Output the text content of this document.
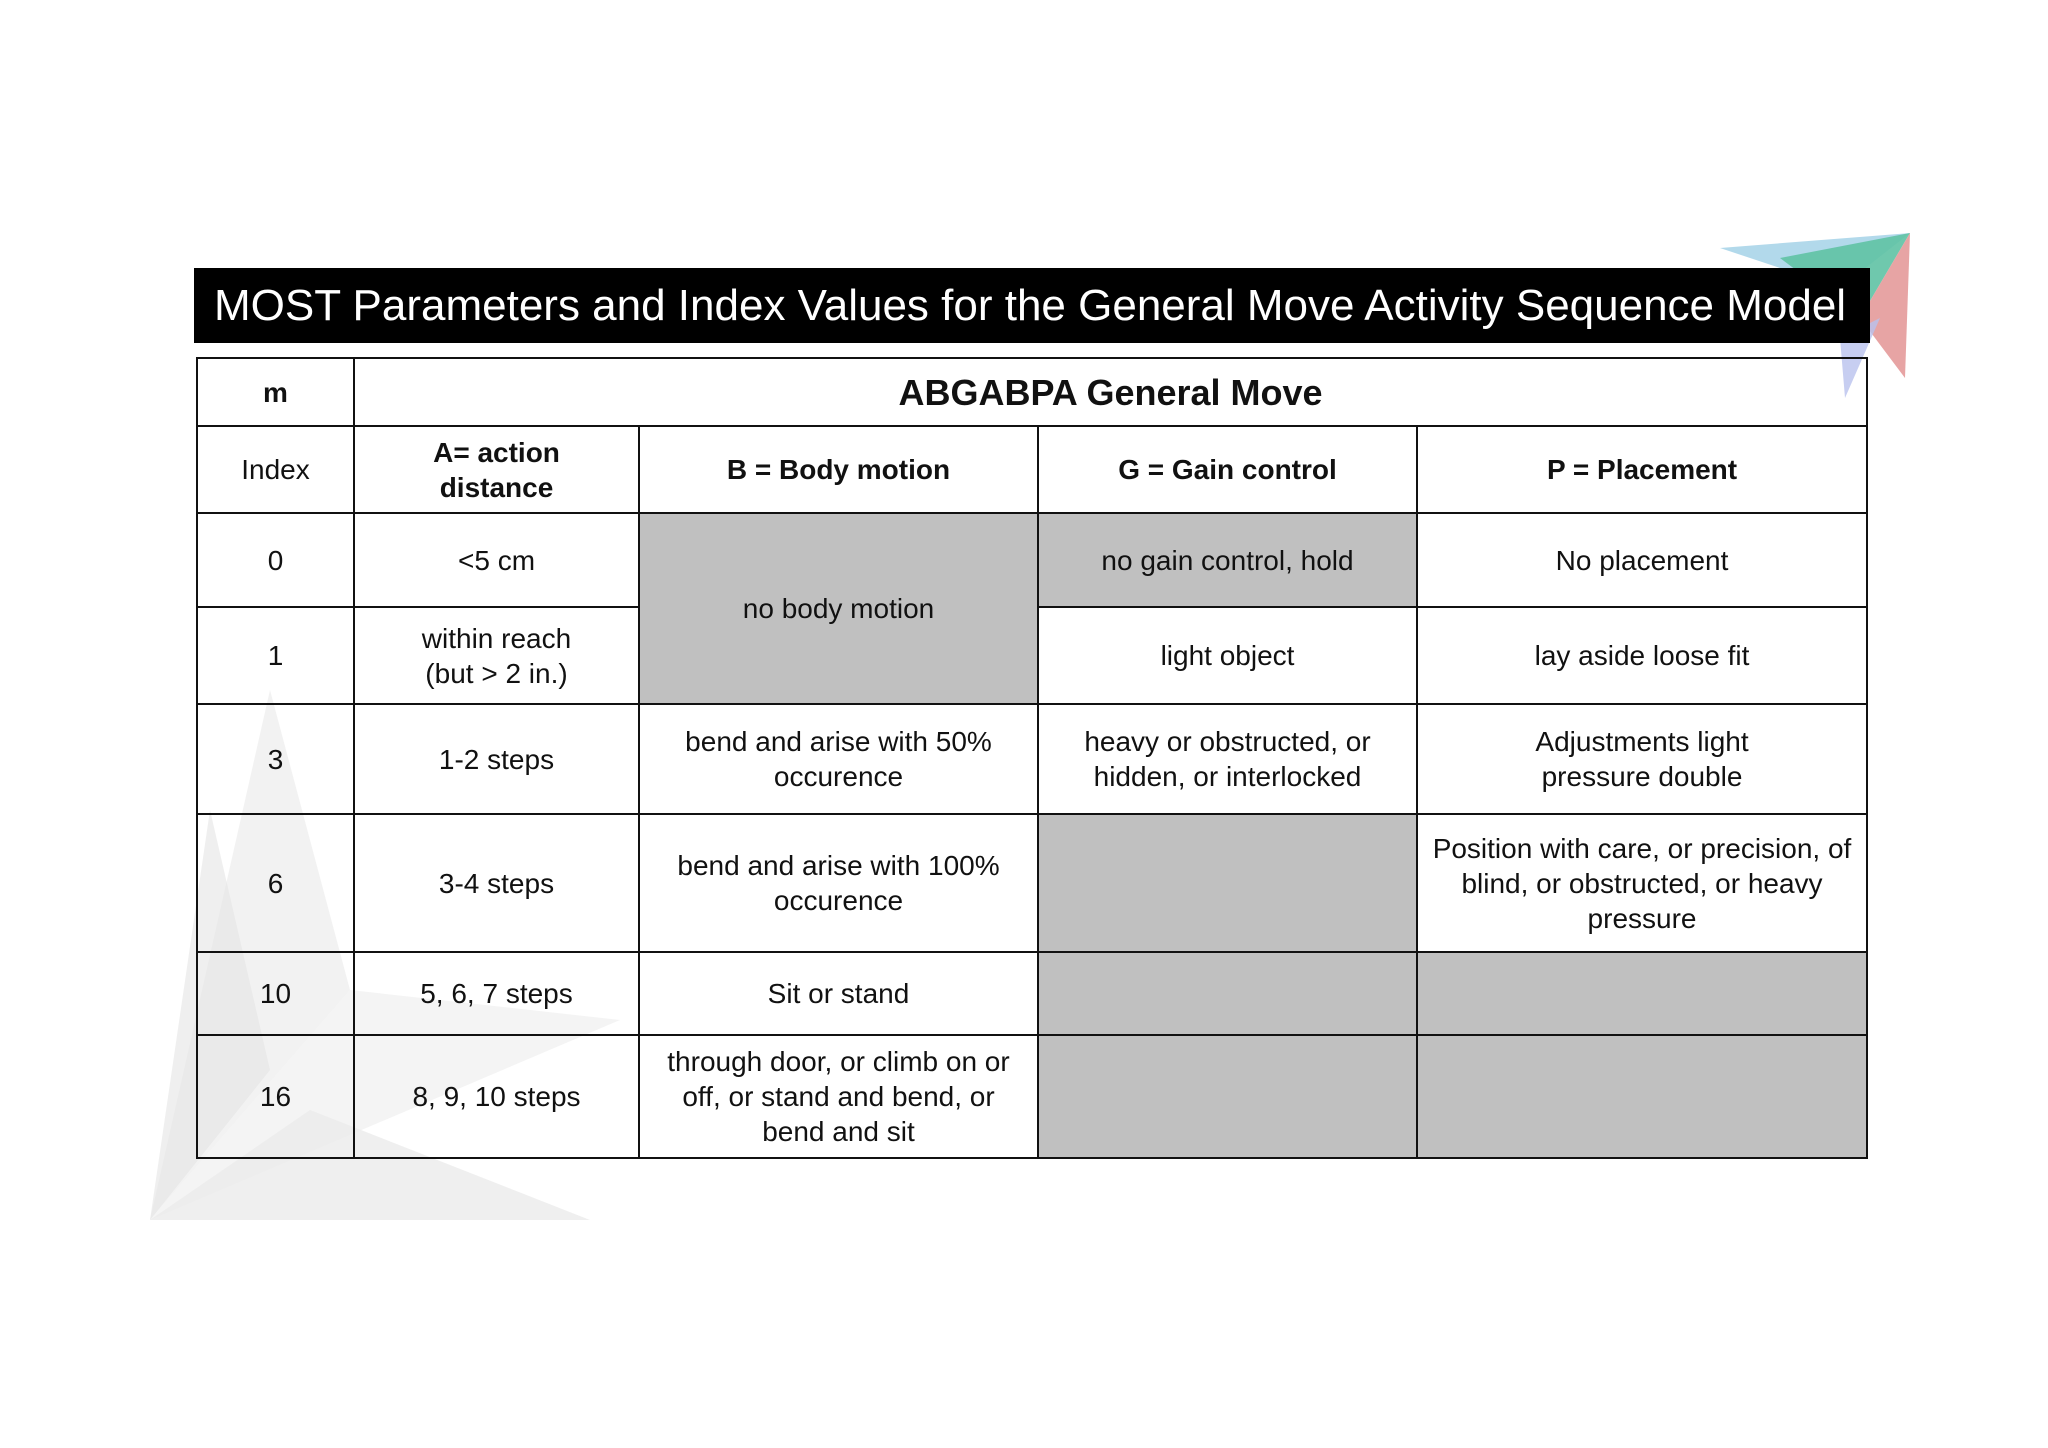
MOST Parameters and Index Values for the General Move Activity Sequence Model
m	ABGABPA General Move			
Index	A= action distance	B = Body motion	G = Gain control	P = Placement
0	<5 cm	no body motion	no gain control, hold	No placement
1	within reach (but > 2 in.)		light object	lay aside loose fit
3	1-2 steps	bend and arise with 50% occurence	heavy or obstructed, or hidden, or interlocked	Adjustments light pressure double
6	3-4 steps	bend and arise with 100% occurence		Position with care, or precision, of blind, or obstructed, or heavy pressure
10	5, 6, 7 steps	Sit or stand		
16	8, 9, 10 steps	through door, or climb on or off, or stand and bend, or bend and sit		
